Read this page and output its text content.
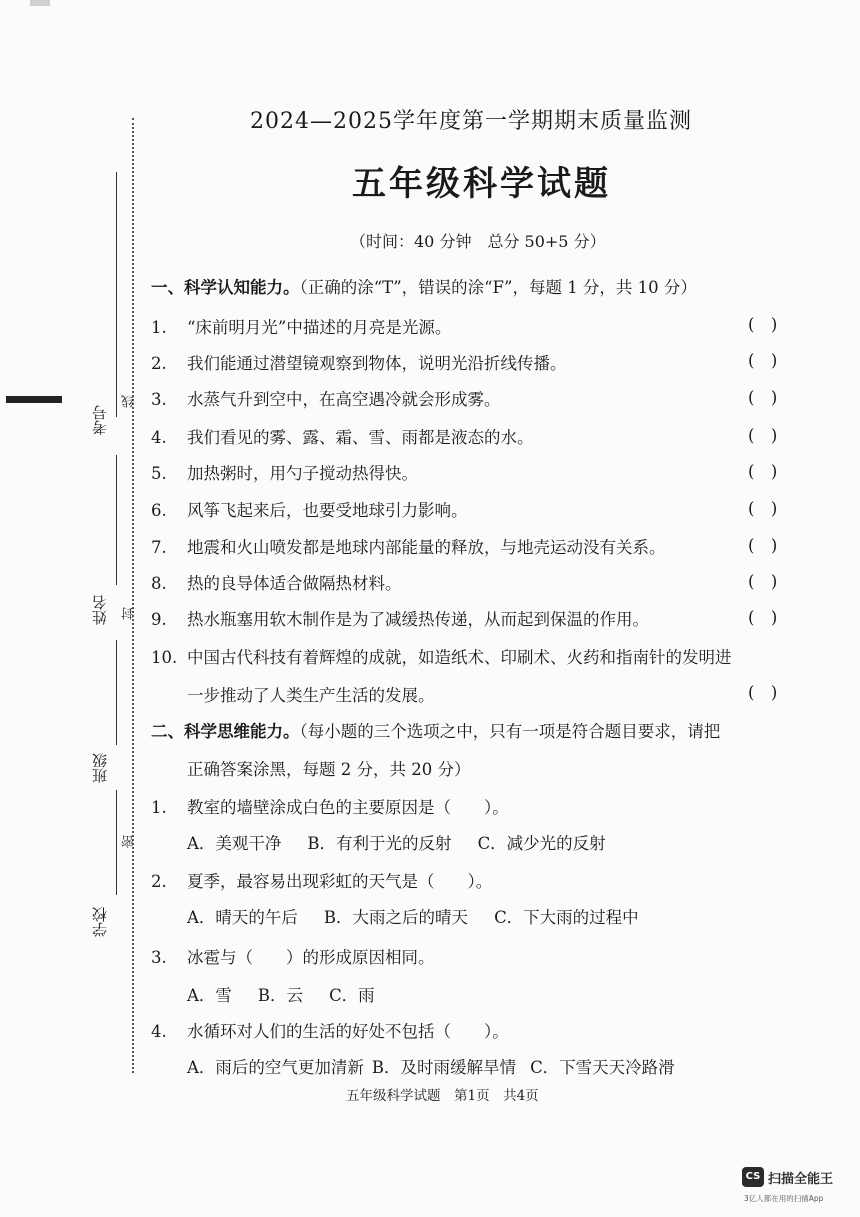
考号
线
姓名	封
班级
密
学校
2024—2025学年度第一学期期末质量监测
五年级科学试题
（时间：40 分钟　总分 50+5 分）
一、科学认知能力。（正确的涂“T”，错误的涂“F”，每题 1 分，共 10 分）
1. “床前明月光”中描述的月亮是光源。	(　)
2. 我们能通过潜望镜观察到物体，说明光沿折线传播。	(　)
3. 水蒸气升到空中，在高空遇冷就会形成雾。	(　)
4. 我们看见的雾、露、霜、雪、雨都是液态的水。	(　)
5. 加热粥时，用勺子搅动热得快。	(　)
6. 风筝飞起来后，也要受地球引力影响。	(　)
7. 地震和火山喷发都是地球内部能量的释放，与地壳运动没有关系。	(　)
8. 热的良导体适合做隔热材料。	(　)
9. 热水瓶塞用软木制作是为了减缓热传递，从而起到保温的作用。	(　)
10. 中国古代科技有着辉煌的成就，如造纸术、印刷术、火药和指南针的发明进
一步推动了人类生产生活的发展。	(　)
二、科学思维能力。（每小题的三个选项之中，只有一项是符合题目要求，请把
正确答案涂黑，每题 2 分，共 20 分）
1. 教室的墙壁涂成白色的主要原因是（　　）。
A．美观干净 B．有利于光的反射 C．减少光的反射
2. 夏季，最容易出现彩虹的天气是（　　）。
A．晴天的午后 B．大雨之后的晴天 C．下大雨的过程中
3. 冰雹与（　　）的形成原因相同。
A．雪 B．云 C．雨
4. 水循环对人们的生活的好处不包括（　　）。
A．雨后的空气更加清新 B．及时雨缓解旱情 C．下雪天天冷路滑
五年级科学试题　第1页　共4页
CS 扫描全能王
3亿人都在用的扫描App
